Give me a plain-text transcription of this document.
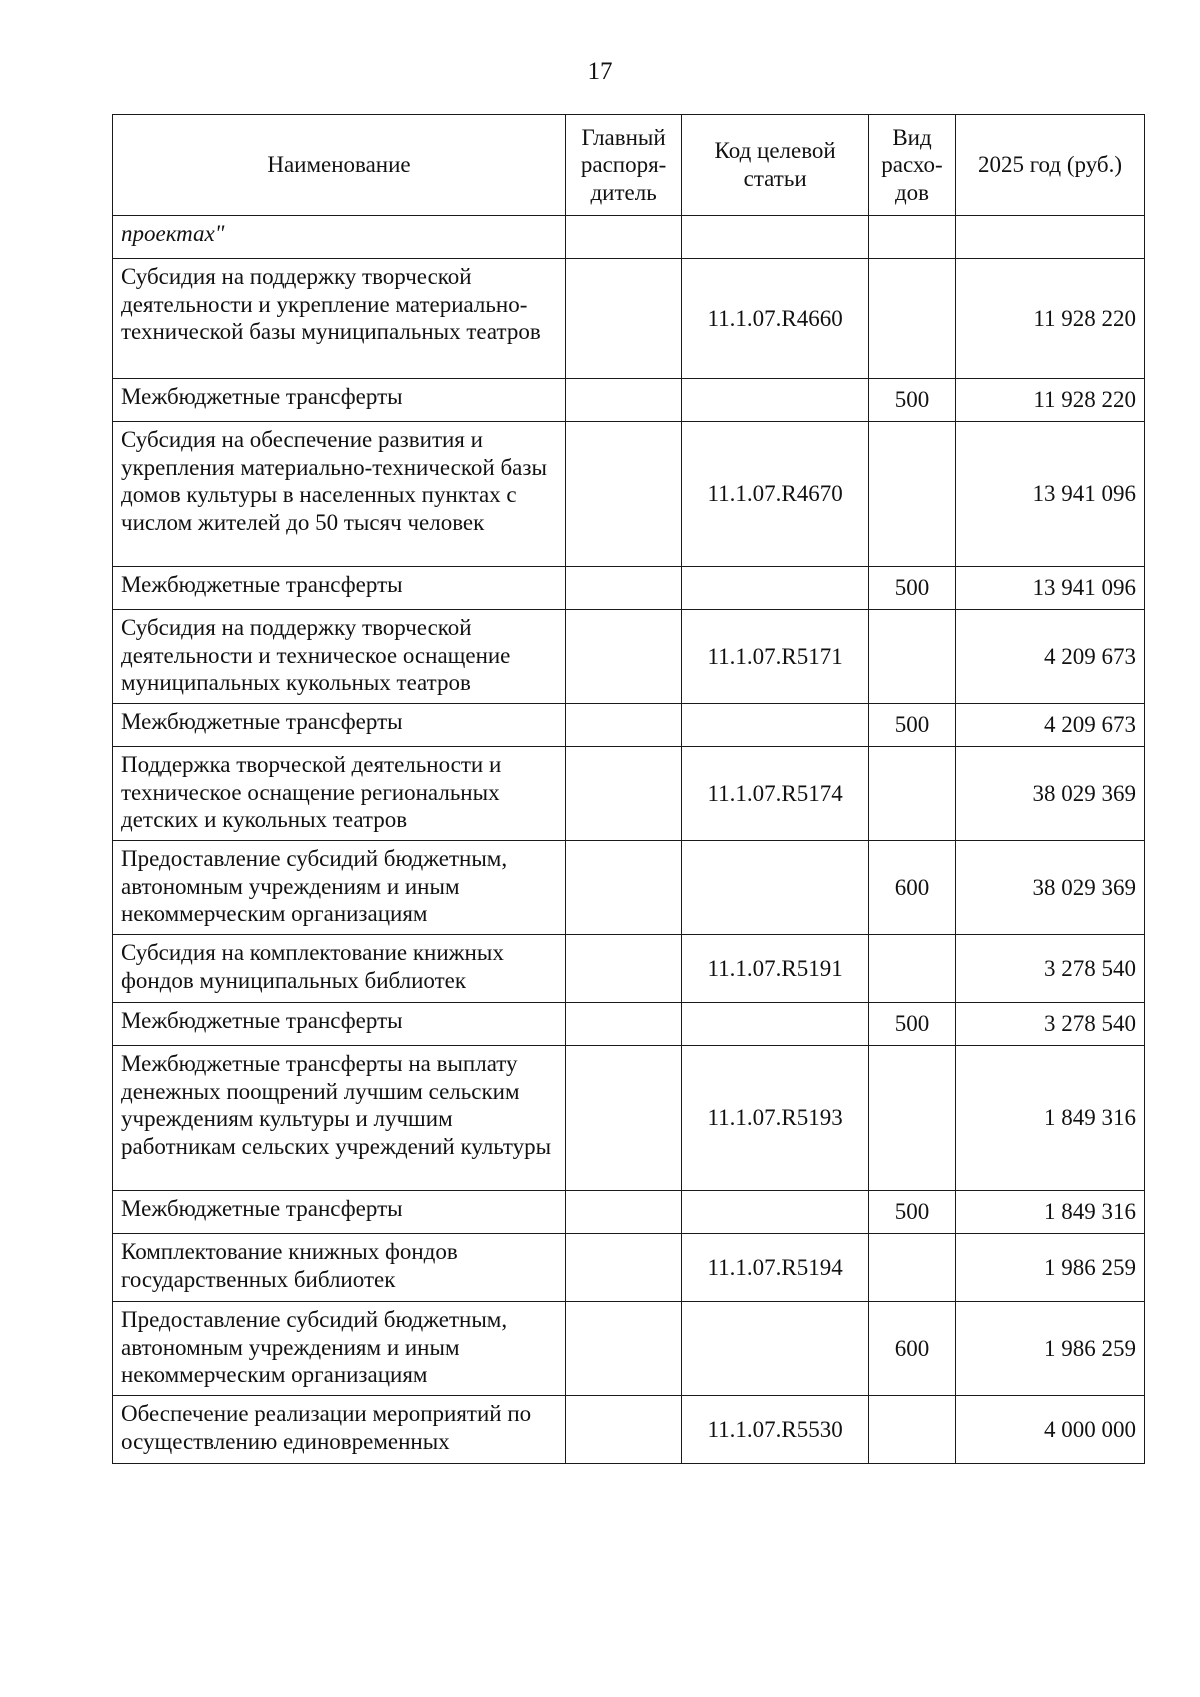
17
Наименование	Главный распоря-дитель	Код целевой статьи	Вид расхо-дов	2025 год (руб.)
проектах"				
Субсидия на поддержку творческой деятельности и укрепление материально-технической базы муниципальных театров		11.1.07.R4660		11 928 220
Межбюджетные трансферты			500	11 928 220
Субсидия на обеспечение развития и укрепления материально-технической базы домов культуры в населенных пунктах с числом жителей до 50 тысяч человек		11.1.07.R4670		13 941 096
Межбюджетные трансферты			500	13 941 096
Субсидия на поддержку творческой деятельности и техническое оснащение муниципальных кукольных театров		11.1.07.R5171		4 209 673
Межбюджетные трансферты			500	4 209 673
Поддержка творческой деятельности и техническое оснащение региональных детских и кукольных театров		11.1.07.R5174		38 029 369
Предоставление субсидий бюджетным, автономным учреждениям и иным некоммерческим организациям			600	38 029 369
Субсидия на комплектование книжных фондов муниципальных библиотек		11.1.07.R5191		3 278 540
Межбюджетные трансферты			500	3 278 540
Межбюджетные трансферты на выплату денежных поощрений лучшим сельским учреждениям культуры и лучшим работникам сельских учреждений культуры		11.1.07.R5193		1 849 316
Межбюджетные трансферты			500	1 849 316
Комплектование книжных фондов государственных библиотек		11.1.07.R5194		1 986 259
Предоставление субсидий бюджетным, автономным учреждениям и иным некоммерческим организациям			600	1 986 259
Обеспечение реализации мероприятий по осуществлению единовременных		11.1.07.R5530		4 000 000
